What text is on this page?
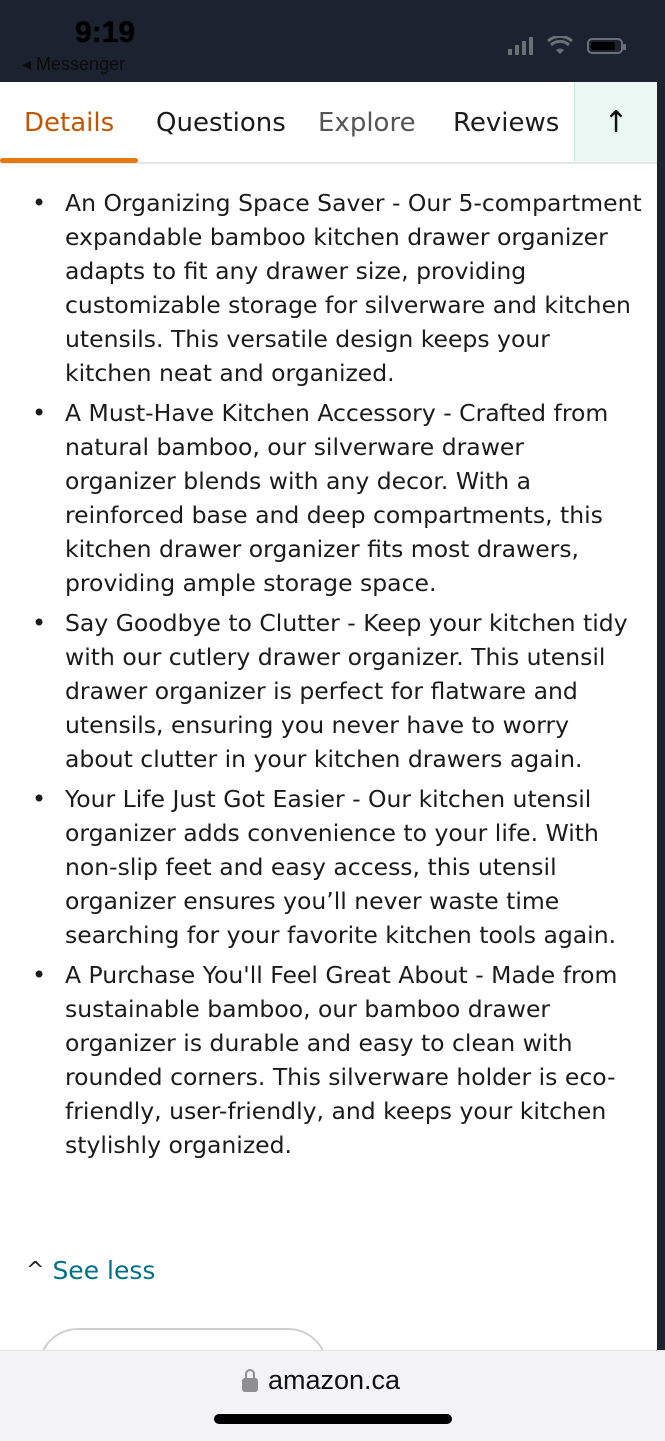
9:19
◂ Messenger
Details Questions Explore Reviews ↑
• An Organizing Space Saver - Our 5-compartment expandable bamboo kitchen drawer organizer adapts to fit any drawer size, providing customizable storage for silverware and kitchen utensils. This versatile design keeps your kitchen neat and organized.
• A Must-Have Kitchen Accessory - Crafted from natural bamboo, our silverware drawer organizer blends with any decor. With a reinforced base and deep compartments, this kitchen drawer organizer fits most drawers, providing ample storage space.
• Say Goodbye to Clutter - Keep your kitchen tidy with our cutlery drawer organizer. This utensil drawer organizer is perfect for flatware and utensils, ensuring you never have to worry about clutter in your kitchen drawers again.
• Your Life Just Got Easier - Our kitchen utensil organizer adds convenience to your life. With non-slip feet and easy access, this utensil organizer ensures you’ll never waste time searching for your favorite kitchen tools again.
• A Purchase You'll Feel Great About - Made from sustainable bamboo, our bamboo drawer organizer is durable and easy to clean with rounded corners. This silverware holder is eco-friendly, user-friendly, and keeps your kitchen stylishly organized.
^ See less
amazon.ca
